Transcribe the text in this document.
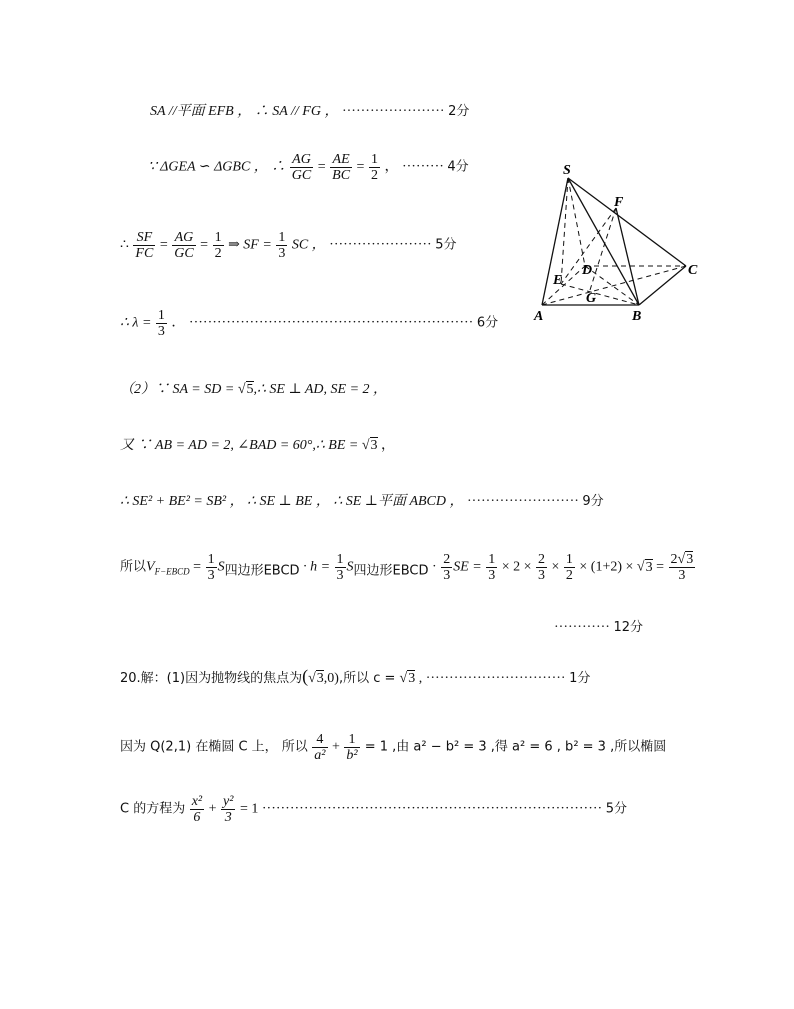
SA //平面 EFB ， ∴ SA // FG ， ······················ 2分
∵ ΔGEA ∽ ΔGBC ， ∴ $\frac{AG}{GC} = \frac{AE}{BC} = \frac{1}{2}$ ， ········· 4分
∴ $\frac{SF}{FC} = \frac{AG}{GC} = \frac{1}{2}$ ⇒ SF = $\frac{1}{3}$ SC ， ······················ 5分
∴ $\lambda = \frac{1}{3}$ ． ····························································· 6分
（2）∵ SA = SD = √5,∴ SE ⊥ AD, SE = 2 ，
又 ∵ AB = AD = 2, ∠BAD = 60°,∴ BE = √3 ，
∴ SE² + BE² = SB² ， ∴ SE ⊥ BE ， ∴ SE ⊥平面 ABCD ， ························ 9分
所以$V_{F-EBCD} = \frac{1}{3} S_{四边形EBCD} \cdot h = \frac{1}{3} S_{四边形EBCD} \cdot \frac{2}{3}$ SE = $\frac{1}{3} \times 2 \times \frac{2}{3} \times \frac{1}{2} \times (1+2) \times √3 = \frac{2√3}{3}$
············ 12分
20.解：(1)因为抛物线的焦点为(√3,0),所以 c = √3 , ······························ 1分
因为 Q(2,1) 在椭圆 C 上， 所以 $\frac{4}{\text{a²}} + \frac{1}{\text{b²}} = 1$ ,由 a² − b² = 3 ,得 a² = 6 , b² = 3 ,所以椭圆
C 的方程为 $\frac{\text{x²}}{6} + \frac{\text{y²}}{3} = 1$ ········································································· 5分
S
F
C
E
D
G
A	B
